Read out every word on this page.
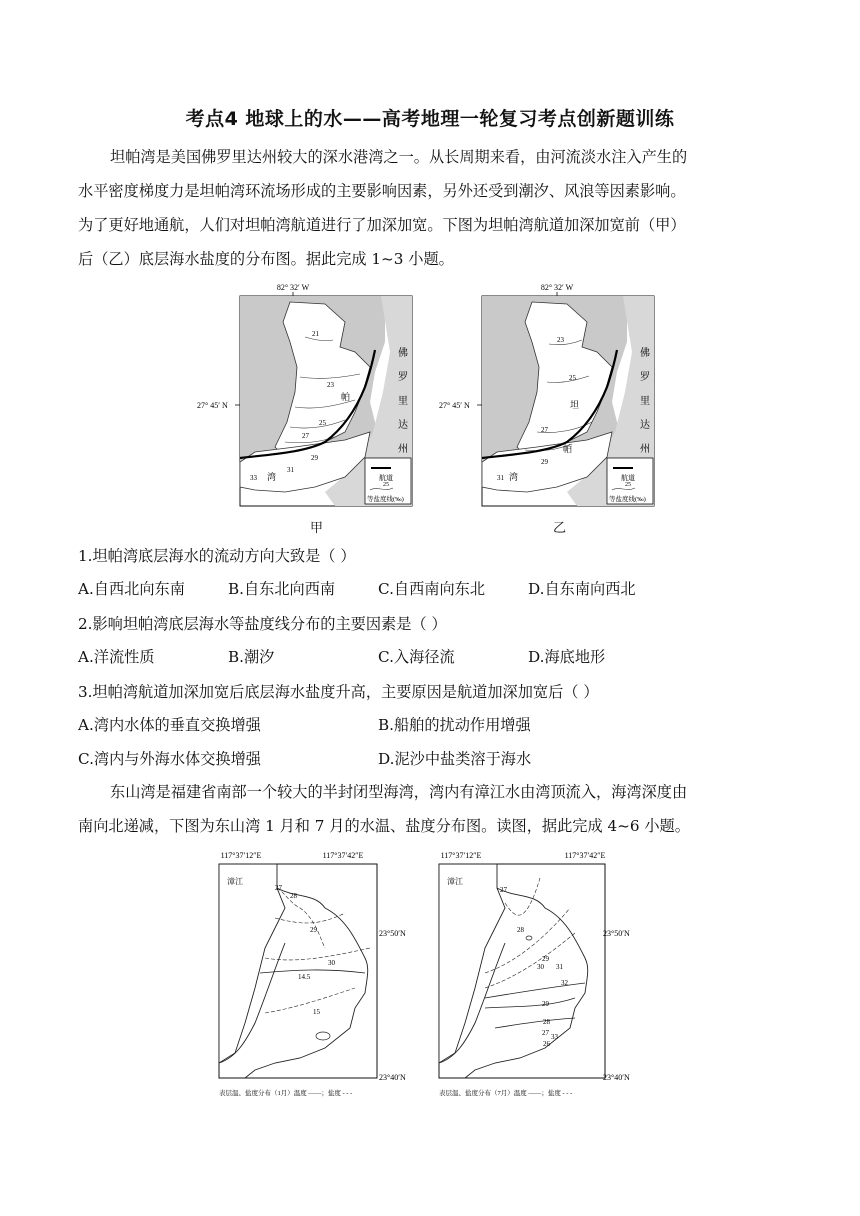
考点4 地球上的水——高考地理一轮复习考点创新题训练
坦帕湾是美国佛罗里达州较大的深水港湾之一。从长周期来看，由河流淡水注入产生的
水平密度梯度力是坦帕湾环流场形成的主要影响因素，另外还受到潮汐、风浪等因素影响。
为了更好地通航，人们对坦帕湾航道进行了加深加宽。下图为坦帕湾航道加深加宽前（甲）
后（乙）底层海水盐度的分布图。据此完成 1~3 小题。
82° 32′ W
21
23
25
27
29
31
33
帕
湾
佛
罗
里
达
州
27° 45′ N
航道
25
等盐度线(‰)
甲
82° 32′ W
23
25
27
29
31
坦
帕
湾
佛
罗
里
达
州
27° 45′ N
航道
25
等盐度线(‰)
乙
1.坦帕湾底层海水的流动方向大致是（ ）
A.自西北向东南	B.自东北向西南	C.自西南向东北	D.自东南向西北
2.影响坦帕湾底层海水等盐度线分布的主要因素是（ ）
A.洋流性质	B.潮汐	C.入海径流	D.海底地形
3.坦帕湾航道加深加宽后底层海水盐度升高，主要原因是航道加深加宽后（ ）
A.湾内水体的垂直交换增强	B.船舶的扰动作用增强
C.湾内与外海水体交换增强	D.泥沙中盐类溶于海水
东山湾是福建省南部一个较大的半封闭型海湾，湾内有漳江水由湾顶流入，海湾深度由
南向北递减，下图为东山湾 1 月和 7 月的水温、盐度分布图。读图，据此完成 4~6 小题。
117°37′12″E	117°37′42″E
27
28
29
30
14.5
15
漳江
23°50′N
23°40′N
表层温、盐度分布（1月）温度 ——；盐度 - - -
117°37′12″E	117°37′42″E
27
28
29
30 31
32
29
28
27 33
26
漳江
23°50′N
23°40′N
表层温、盐度分布（7月）温度 ——；盐度 - - -
